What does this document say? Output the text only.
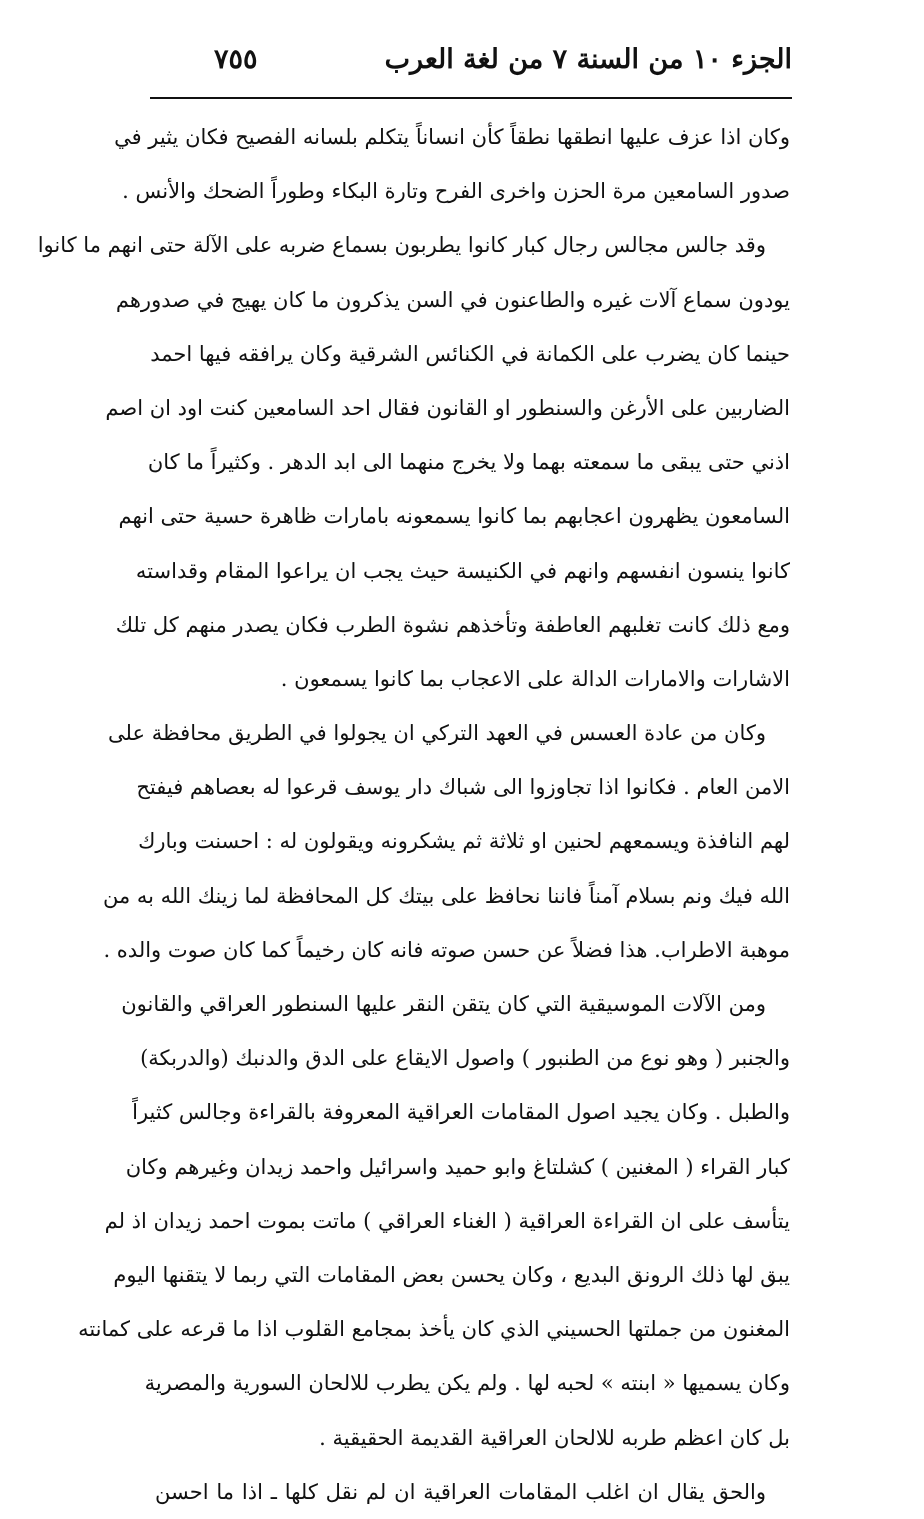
الجزء ١٠ من السنة ٧ من لغة العرب
٧٥٥
وكان اذا عزف عليها انطقها نطقاً كأن انساناً يتكلم بلسانه الفصيح فكان يثير في
صدور السامعين مرة الحزن واخرى الفرح وتارة البكاء وطوراً الضحك والأنس .
وقد جالس مجالس رجال كبار كانوا يطربون بسماع ضربه على الآلة حتى انهم ما كانوا
يودون سماع آلات غيره والطاعنون في السن يذكرون ما كان يهيج في صدورهم
حينما كان يضرب على الكمانة في الكنائس الشرقية وكان يرافقه فيها احمد
الضاربين على الأرغن والسنطور او القانون فقال احد السامعين كنت اود ان اصم
اذني حتى يبقى ما سمعته بهما ولا يخرج منهما الى ابد الدهر . وكثيراً ما كان
السامعون يظهرون اعجابهم بما كانوا يسمعونه بامارات ظاهرة حسية حتى انهم
كانوا ينسون انفسهم وانهم في الكنيسة حيث يجب ان يراعوا المقام وقداسته
ومع ذلك كانت تغلبهم العاطفة وتأخذهم نشوة الطرب فكان يصدر منهم كل تلك
الاشارات والامارات الدالة على الاعجاب بما كانوا يسمعون .
وكان من عادة العسس في العهد التركي ان يجولوا في الطريق محافظة على
الامن العام . فكانوا اذا تجاوزوا الى شباك دار يوسف قرعوا له بعصاهم فيفتح
لهم النافذة ويسمعهم لحنين او ثلاثة ثم يشكرونه ويقولون له : احسنت وبارك
الله فيك ونم بسلام آمناً فاننا نحافظ على بيتك كل المحافظة لما زينك الله به من
موهبة الاطراب. هذا فضلاً عن حسن صوته فانه كان رخيماً كما كان صوت والده .
ومن الآلات الموسيقية التي كان يتقن النقر عليها السنطور العراقي والقانون
والجنبر ( وهو نوع من الطنبور ) واصول الايقاع على الدق والدنبك (والدربكة)
والطبل . وكان يجيد اصول المقامات العراقية المعروفة بالقراءة وجالس كثيراً
كبار القراء ( المغنين ) كشلتاغ وابو حميد واسرائيل واحمد زيدان وغيرهم وكان
يتأسف على ان القراءة العراقية ( الغناء العراقي ) ماتت بموت احمد زيدان اذ لم
يبق لها ذلك الرونق البديع ، وكان يحسن بعض المقامات التي ربما لا يتقنها اليوم
المغنون من جملتها الحسيني الذي كان يأخذ بمجامع القلوب اذا ما قرعه على كمانته
وكان يسميها « ابنته » لحبه لها . ولم يكن يطرب للالحان السورية والمصرية
بل كان اعظم طربه للالحان العراقية القديمة الحقيقية .
والحق يقال ان اغلب المقامات العراقية ان لم نقل كلها ـ اذا ما احسن
